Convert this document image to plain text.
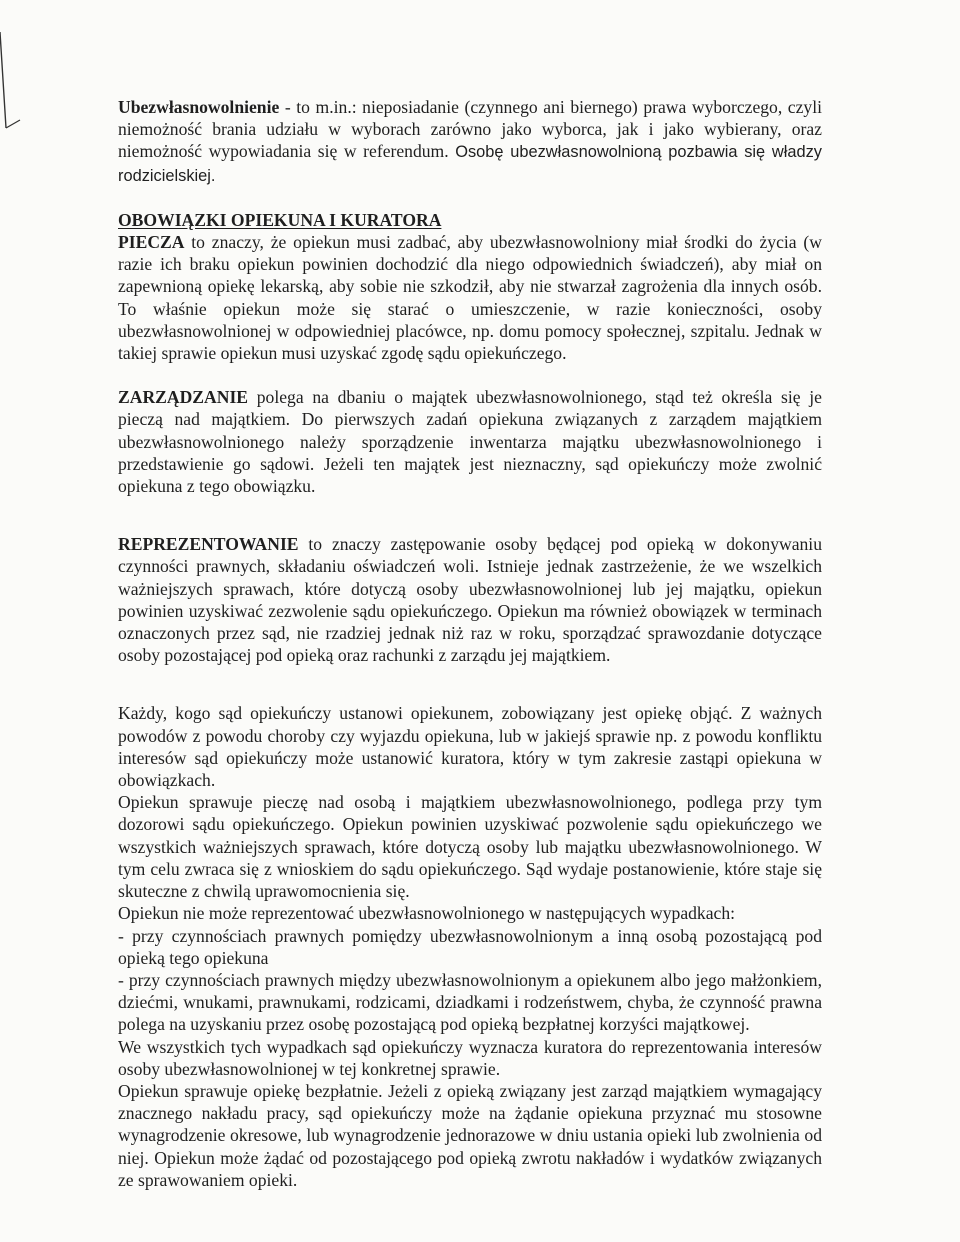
Ubezwłasnowolnienie - to m.in.: nieposiadanie (czynnego ani biernego) prawa wyborczego, czyli niemożność brania udziału w wyborach zarówno jako wyborca, jak i jako wybierany, oraz niemożność wypowiadania się w referendum. Osobę ubezwłasnowolnioną pozbawia się władzy rodzicielskiej.

OBOWIĄZKI OPIEKUNA I KURATORA
PIECZA to znaczy, że opiekun musi zadbać, aby ubezwłasnowolniony miał środki do życia (w razie ich braku opiekun powinien dochodzić dla niego odpowiednich świadczeń), aby miał on zapewnioną opiekę lekarską, aby sobie nie szkodził, aby nie stwarzał zagrożenia dla innych osób. To właśnie opiekun może się starać o umieszczenie, w razie konieczności, osoby ubezwłasnowolnionej w odpowiedniej placówce, np. domu pomocy społecznej, szpitalu. Jednak w takiej sprawie opiekun musi uzyskać zgodę sądu opiekuńczego.

ZARZĄDZANIE polega na dbaniu o majątek ubezwłasnowolnionego, stąd też określa się je pieczą nad majątkiem. Do pierwszych zadań opiekuna związanych z zarządem majątkiem ubezwłasnowolnionego należy sporządzenie inwentarza majątku ubezwłasnowolnionego i przedstawienie go sądowi. Jeżeli ten majątek jest nieznaczny, sąd opiekuńczy może zwolnić opiekuna z tego obowiązku.

REPREZENTOWANIE to znaczy zastępowanie osoby będącej pod opieką w dokonywaniu czynności prawnych, składaniu oświadczeń woli. Istnieje jednak zastrzeżenie, że we wszelkich ważniejszych sprawach, które dotyczą osoby ubezwłasnowolnionej lub jej majątku, opiekun powinien uzyskiwać zezwolenie sądu opiekuńczego. Opiekun ma również obowiązek w terminach oznaczonych przez sąd, nie rzadziej jednak niż raz w roku, sporządzać sprawozdanie dotyczące osoby pozostającej pod opieką oraz rachunki z zarządu jej majątkiem.

Każdy, kogo sąd opiekuńczy ustanowi opiekunem, zobowiązany jest opiekę objąć. Z ważnych powodów z powodu choroby czy wyjazdu opiekuna, lub w jakiejś sprawie np. z powodu konfliktu interesów sąd opiekuńczy może ustanowić kuratora, który w tym zakresie zastąpi opiekuna w obowiązkach.

Opiekun sprawuje pieczę nad osobą i majątkiem ubezwłasnowolnionego, podlega przy tym dozorowi sądu opiekuńczego. Opiekun powinien uzyskiwać pozwolenie sądu opiekuńczego we wszystkich ważniejszych sprawach, które dotyczą osoby lub majątku ubezwłasnowolnionego. W tym celu zwraca się z wnioskiem do sądu opiekuńczego. Sąd wydaje postanowienie, które staje się skuteczne z chwilą uprawomocnienia się.

Opiekun nie może reprezentować ubezwłasnowolnionego w następujących wypadkach:

- przy czynnościach prawnych pomiędzy ubezwłasnowolnionym a inną osobą pozostającą pod opieką tego opiekuna

- przy czynnościach prawnych między ubezwłasnowolnionym a opiekunem albo jego małżonkiem, dziećmi, wnukami, prawnukami, rodzicami, dziadkami i rodzeństwem, chyba, że czynność prawna polega na uzyskaniu przez osobę pozostającą pod opieką bezpłatnej korzyści majątkowej.

We wszystkich tych wypadkach sąd opiekuńczy wyznacza kuratora do reprezentowania interesów osoby ubezwłasnowolnionej w tej konkretnej sprawie.

Opiekun sprawuje opiekę bezpłatnie. Jeżeli z opieką związany jest zarząd majątkiem wymagający znacznego nakładu pracy, sąd opiekuńczy może na żądanie opiekuna przyznać mu stosowne wynagrodzenie okresowe, lub wynagrodzenie jednorazowe w dniu ustania opieki lub zwolnienia od niej. Opiekun może żądać od pozostającego pod opieką zwrotu nakładów i wydatków związanych ze sprawowaniem opieki.
